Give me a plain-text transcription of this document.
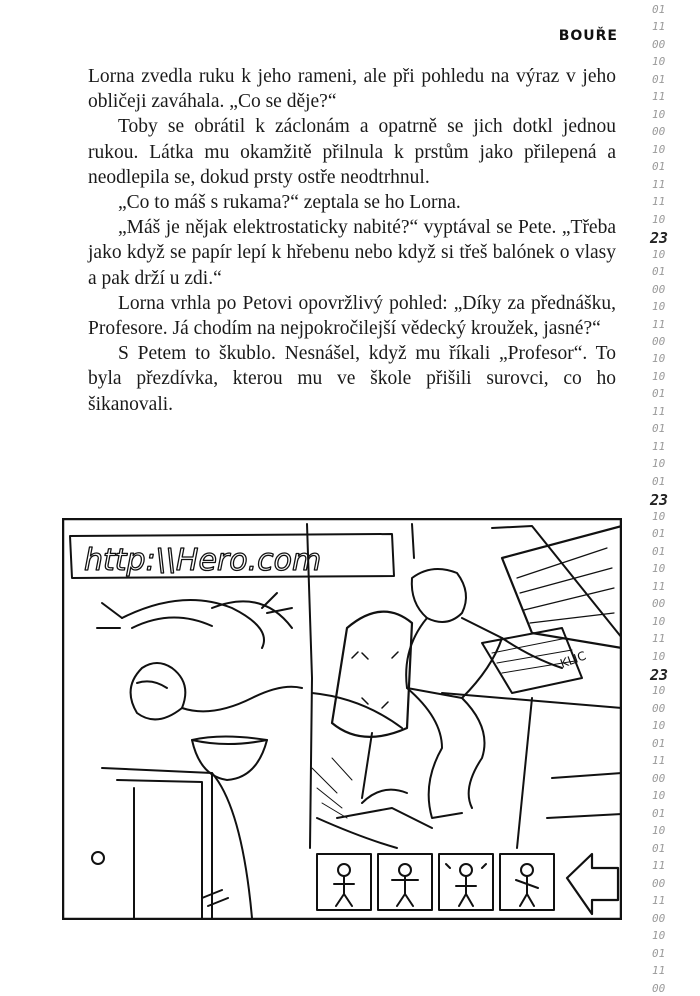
BOUŘE
01
11
00
10
01
11
10
00
10
01
11
11
10
23
10
01
00
10
11
00
10
10
01
11
01
11
10
01
23
10
01
01
10
11
00
10
11
10
23
10
00
10
01
11
00
10
01
10
01
11
00
11
00
10
01
11
00

Lorna zvedla ruku k jeho rameni, ale při pohledu na výraz v jeho obličeji zaváhala. „Co se děje?“

Toby se obrátil k záclonám a opatrně se jich dotkl jednou rukou. Látka mu okamžitě přilnula k prstům jako přilepená a neodlepila se, dokud prsty ostře neodtrhnul.

„Co to máš s rukama?“ zeptala se ho Lorna.

„Máš je nějak elektrostaticky nabité?“ vyptával se Pete. „Třeba jako když se papír lepí k hřebenu nebo když si třeš balónek o vlasy a pak drží u zdi.“

Lorna vrhla po Petovi opovržlivý pohled: „Díky za přednášku, Profesore. Já chodím na nejpokročilejší vědecký kroužek, jasné?“

S Petem to škublo. Nesnášel, když mu říkali „Profesor“. To byla přezdívka, kterou mu ve škole přišili surovci, co ho šikanovali.

http:\\Hero.com
KLIC
